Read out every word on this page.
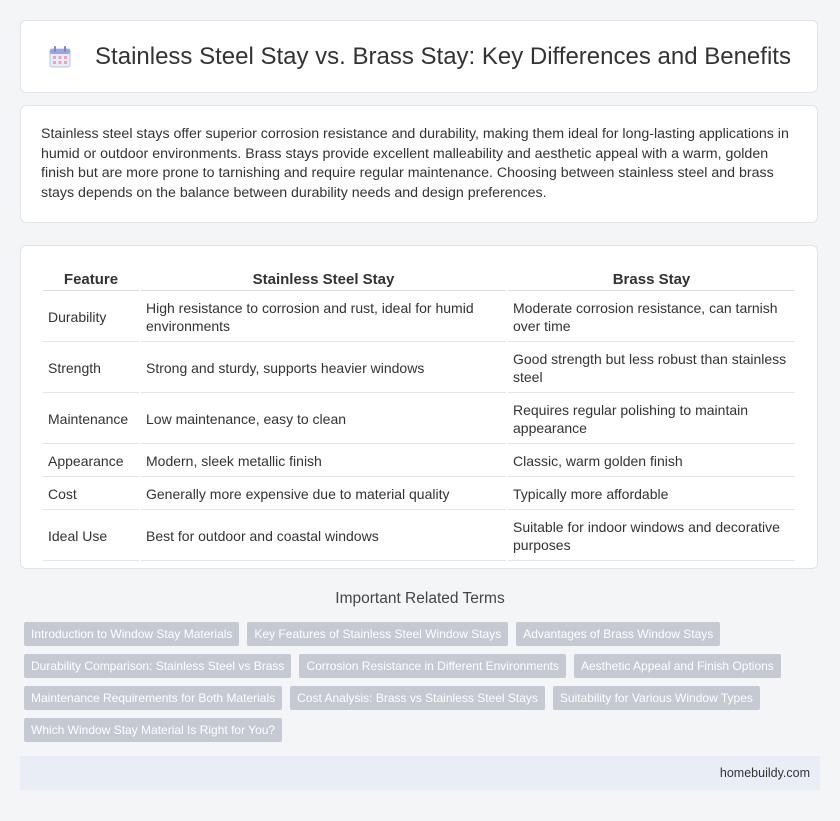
Stainless Steel Stay vs. Brass Stay: Key Differences and Benefits

Stainless steel stays offer superior corrosion resistance and durability, making them ideal for long-lasting applications in humid or outdoor environments. Brass stays provide excellent malleability and aesthetic appeal with a warm, golden finish but are more prone to tarnishing and require regular maintenance. Choosing between stainless steel and brass stays depends on the balance between durability needs and design preferences.

Feature	Stainless Steel Stay	Brass Stay
Durability	High resistance to corrosion and rust, ideal for humid environments	Moderate corrosion resistance, can tarnish over time
Strength	Strong and sturdy, supports heavier windows	Good strength but less robust than stainless steel
Maintenance	Low maintenance, easy to clean	Requires regular polishing to maintain appearance
Appearance	Modern, sleek metallic finish	Classic, warm golden finish
Cost	Generally more expensive due to material quality	Typically more affordable
Ideal Use	Best for outdoor and coastal windows	Suitable for indoor windows and decorative purposes
Important Related Terms
Introduction to Window Stay Materials	Key Features of Stainless Steel Window Stays	Advantages of Brass Window Stays
Durability Comparison: Stainless Steel vs Brass	Corrosion Resistance in Different Environments	Aesthetic Appeal and Finish Options
Maintenance Requirements for Both Materials	Cost Analysis: Brass vs Stainless Steel Stays	Suitability for Various Window Types
Which Window Stay Material Is Right for You?
homebuildy.com
